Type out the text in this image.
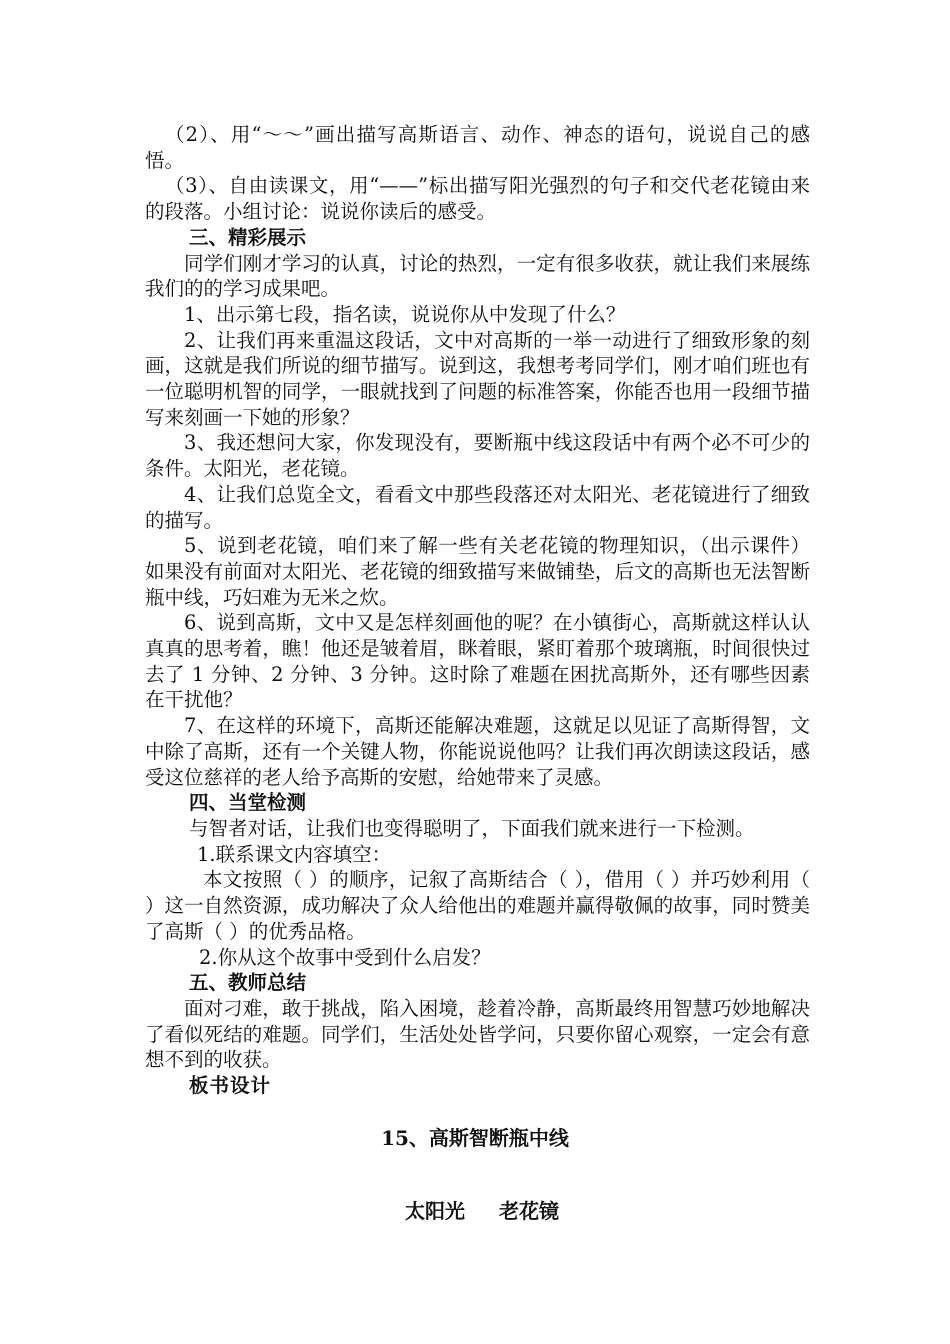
（2）、用“～～”画出描写高斯语言、动作、神态的语句，说说自己的感悟。

（3）、自由读课文，用“——”标出描写阳光强烈的句子和交代老花镜由来的段落。小组讨论：说说你读后的感受。

三、精彩展示

同学们刚才学习的认真，讨论的热烈，一定有很多收获，就让我们来展练我们的的学习成果吧。

1、出示第七段，指名读，说说你从中发现了什么？

2、让我们再来重温这段话，文中对高斯的一举一动进行了细致形象的刻画，这就是我们所说的细节描写。说到这，我想考考同学们，刚才咱们班也有一位聪明机智的同学，一眼就找到了问题的标准答案，你能否也用一段细节描写来刻画一下她的形象？

3、我还想问大家，你发现没有，要断瓶中线这段话中有两个必不可少的条件。太阳光，老花镜。

4、让我们总览全文，看看文中那些段落还对太阳光、老花镜进行了细致的描写。

5、说到老花镜，咱们来了解一些有关老花镜的物理知识，（出示课件）如果没有前面对太阳光、老花镜的细致描写来做铺垫，后文的高斯也无法智断瓶中线，巧妇难为无米之炊。

6、说到高斯，文中又是怎样刻画他的呢？在小镇街心，高斯就这样认认真真的思考着，瞧！他还是皱着眉，眯着眼，紧盯着那个玻璃瓶，时间很快过去了 1 分钟、2 分钟、3 分钟。这时除了难题在困扰高斯外，还有哪些因素在干扰他？

7、在这样的环境下，高斯还能解决难题，这就足以见证了高斯得智，文中除了高斯，还有一个关键人物，你能说说他吗？让我们再次朗读这段话，感受这位慈祥的老人给予高斯的安慰，给她带来了灵感。

四、当堂检测

与智者对话，让我们也变得聪明了，下面我们就来进行一下检测。

1.联系课文内容填空：

本文按照（ ）的顺序，记叙了高斯结合（ ），借用（ ）并巧妙利用（ ）这一自然资源，成功解决了众人给他出的难题并赢得敬佩的故事，同时赞美了高斯（ ）的优秀品格。

2.你从这个故事中受到什么启发？

五、教师总结

面对刁难，敢于挑战，陷入困境，趁着冷静，高斯最终用智慧巧妙地解决了看似死结的难题。同学们，生活处处皆学问，只要你留心观察，一定会有意想不到的收获。

板书设计
15、高斯智断瓶中线
太阳光 老花镜
